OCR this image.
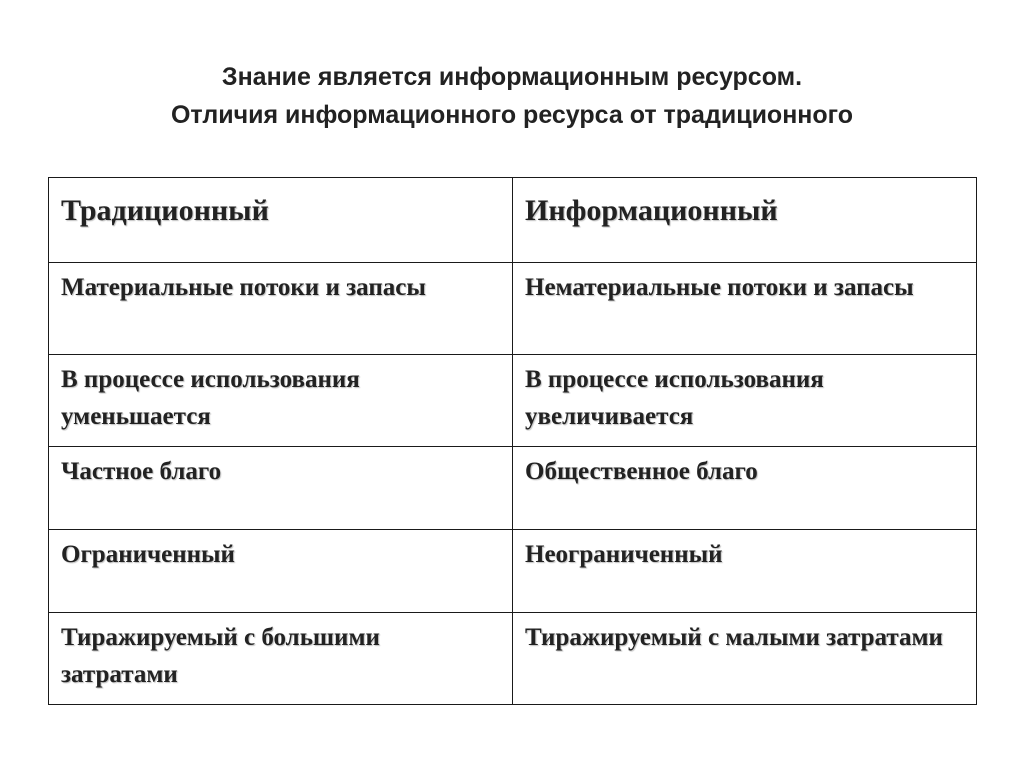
Знание является информационным ресурсом.
Отличия информационного ресурса от традиционного
Традиционный	Информационный
Материальные потоки и запасы	Нематериальные потоки и запасы
В процессе использования уменьшается	В процессе использования увеличивается
Частное благо	Общественное благо
Ограниченный	Неограниченный
Тиражируемый с большими затратами	Тиражируемый с малыми затратами
